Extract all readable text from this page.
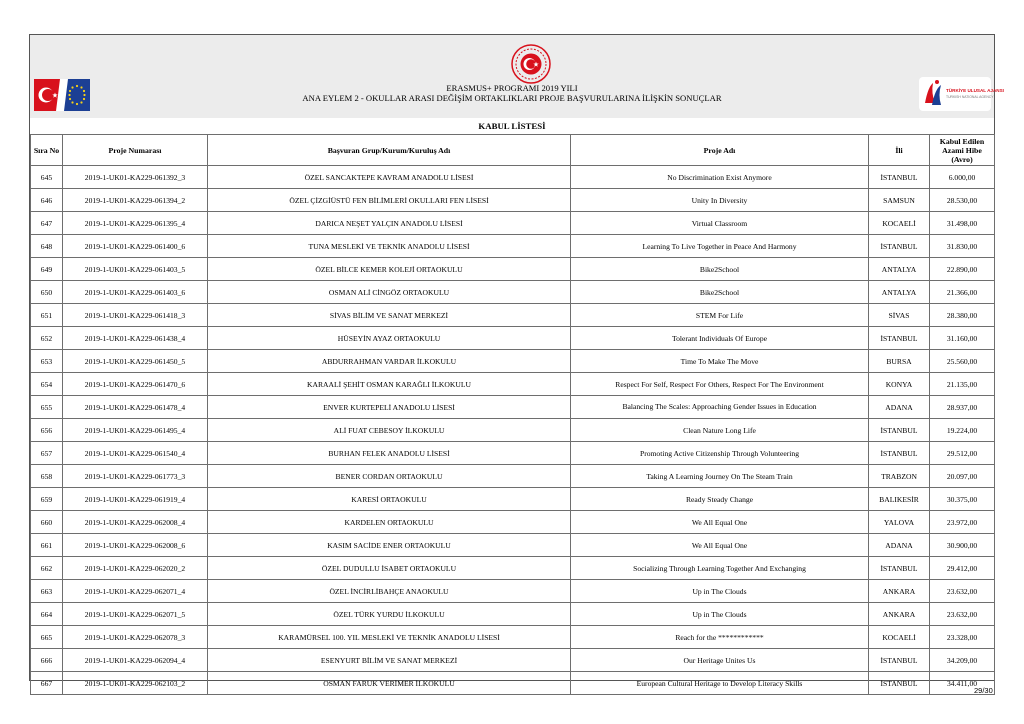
ERASMUS+ PROGRAMI 2019 YILI
ANA EYLEM 2 - OKULLAR ARASI DEĞİŞİM ORTAKLIKLARI PROJE BAŞVURULARINA İLİŞKİN SONUÇLAR
TÜRKİYE ULUSAL AJANSI
TURKISH NATIONAL AGENCY
KABUL LİSTESİ
Sıra No	Proje Numarası	Başvuran Grup/Kurum/Kuruluş Adı	Proje Adı	İli	Kabul Edilen Azami Hibe (Avro)
645	2019-1-UK01-KA229-061392_3	ÖZEL SANCAKTEPE KAVRAM ANADOLU LİSESİ	No Discrimination Exist Anymore	İSTANBUL	6.000,00
646	2019-1-UK01-KA229-061394_2	ÖZEL ÇİZGİÜSTÜ FEN BİLİMLERİ OKULLARI FEN LİSESİ	Unity In Diversity	SAMSUN	28.530,00
647	2019-1-UK01-KA229-061395_4	DARICA NEŞET YALÇIN ANADOLU LİSESİ	Virtual Classroom	KOCAELİ	31.498,00
648	2019-1-UK01-KA229-061400_6	TUNA MESLEKİ VE TEKNİK ANADOLU LİSESİ	Learning To Live Together in Peace And Harmony	İSTANBUL	31.830,00
649	2019-1-UK01-KA229-061403_5	ÖZEL BİLCE KEMER KOLEJİ ORTAOKULU	Bike2School	ANTALYA	22.890,00
650	2019-1-UK01-KA229-061403_6	OSMAN ALİ CİNGÖZ ORTAOKULU	Bike2School	ANTALYA	21.366,00
651	2019-1-UK01-KA229-061418_3	SİVAS BİLİM VE SANAT MERKEZİ	STEM For Life	SİVAS	28.380,00
652	2019-1-UK01-KA229-061438_4	HÜSEYİN AYAZ ORTAOKULU	Tolerant Individuals Of Europe	İSTANBUL	31.160,00
653	2019-1-UK01-KA229-061450_5	ABDURRAHMAN VARDAR İLKOKULU	Time To Make The Move	BURSA	25.560,00
654	2019-1-UK01-KA229-061470_6	KARAALİ ŞEHİT OSMAN KARAĞLI İLKOKULU	Respect For Self, Respect For Others, Respect For The Environment	KONYA	21.135,00
655	2019-1-UK01-KA229-061478_4	ENVER KURTEPELİ ANADOLU LİSESİ	Balancing The Scales: Approaching Gender Issues in Education	ADANA	28.937,00
656	2019-1-UK01-KA229-061495_4	ALİ FUAT CEBESOY İLKOKULU	Clean Nature Long Life	İSTANBUL	19.224,00
657	2019-1-UK01-KA229-061540_4	BURHAN FELEK ANADOLU LİSESİ	Promoting Active Citizenship Through Volunteering	İSTANBUL	29.512,00
658	2019-1-UK01-KA229-061773_3	BENER CORDAN ORTAOKULU	Taking A Learning Journey On The Steam Train	TRABZON	20.097,00
659	2019-1-UK01-KA229-061919_4	KARESİ ORTAOKULU	Ready Steady Change	BALIKESİR	30.375,00
660	2019-1-UK01-KA229-062008_4	KARDELEN ORTAOKULU	We All Equal One	YALOVA	23.972,00
661	2019-1-UK01-KA229-062008_6	KASIM SACİDE ENER ORTAOKULU	We All Equal One	ADANA	30.900,00
662	2019-1-UK01-KA229-062020_2	ÖZEL DUDULLU İSABET ORTAOKULU	Socializing Through Learning Together And Exchanging	İSTANBUL	29.412,00
663	2019-1-UK01-KA229-062071_4	ÖZEL İNCİRLİBAHÇE ANAOKULU	Up in The Clouds	ANKARA	23.632,00
664	2019-1-UK01-KA229-062071_5	ÖZEL TÜRK YURDU İLKOKULU	Up in The Clouds	ANKARA	23.632,00
665	2019-1-UK01-KA229-062078_3	KARAMÜRSEL 100. YIL MESLEKİ VE TEKNİK ANADOLU LİSESİ	Reach for the ************	KOCAELİ	23.328,00
666	2019-1-UK01-KA229-062094_4	ESENYURT BİLİM VE SANAT MERKEZİ	Our Heritage Unites Us	İSTANBUL	34.209,00
667	2019-1-UK01-KA229-062103_2	OSMAN FARUK VERİMER İLKOKULU	European Cultural Heritage to Develop Literacy Skills	İSTANBUL	34.411,00
29/30
